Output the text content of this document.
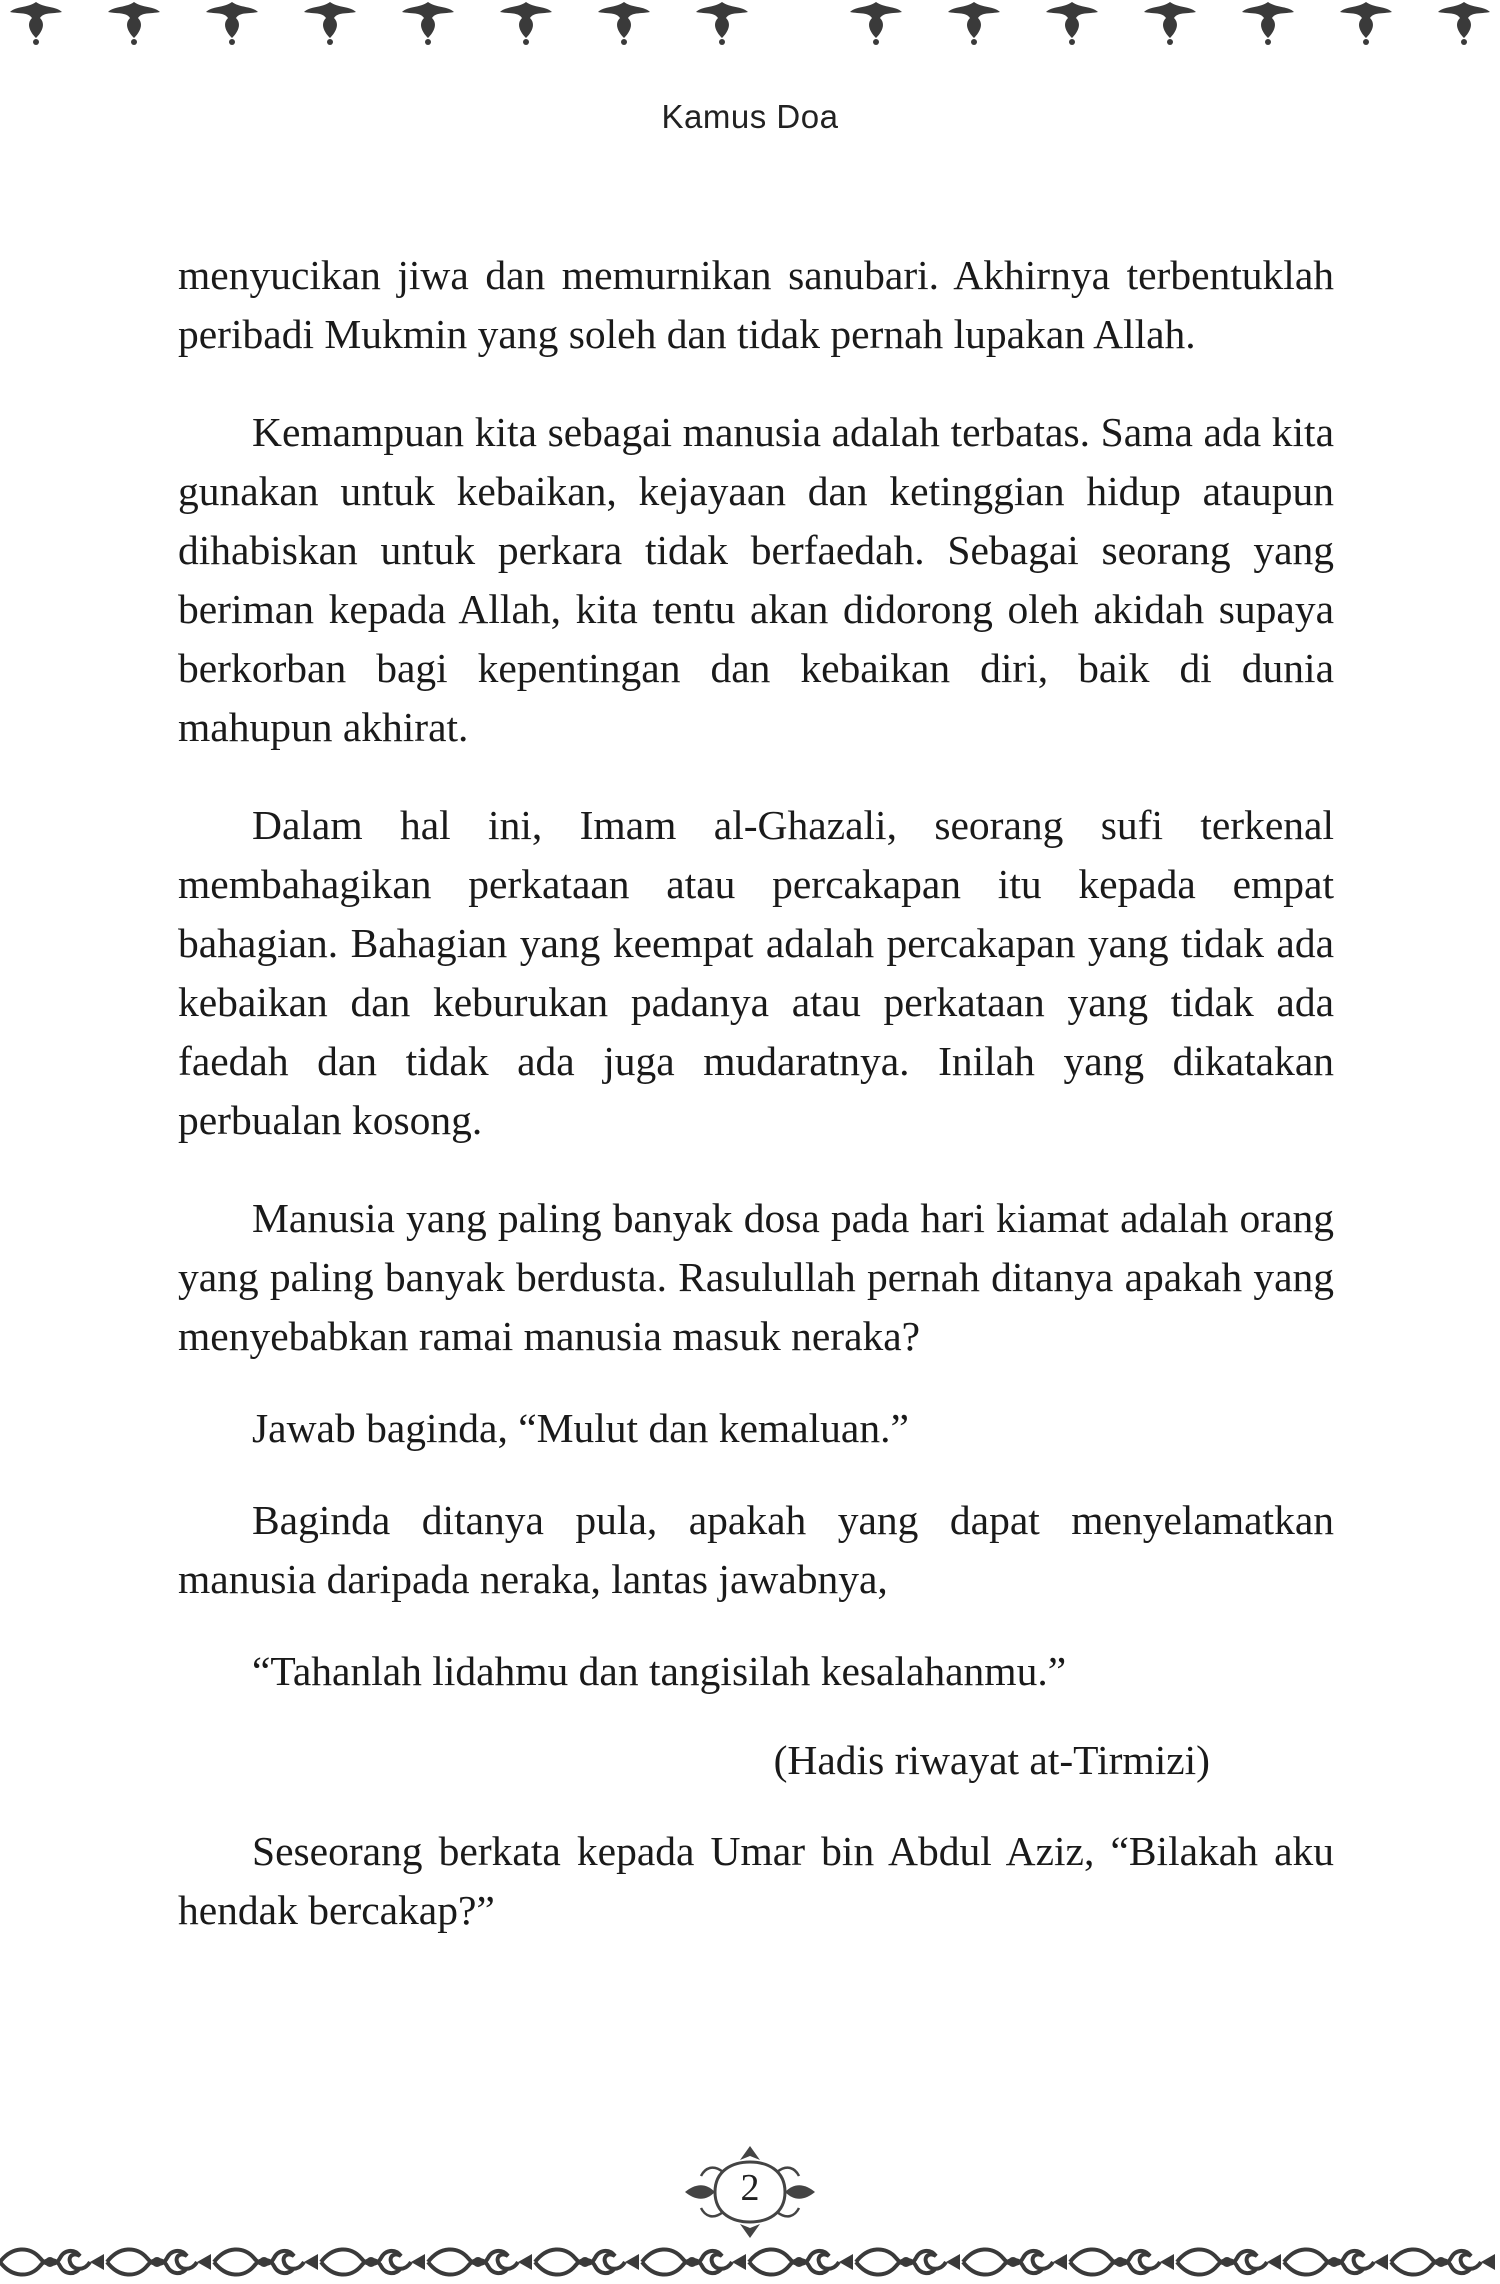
Kamus Doa

menyucikan jiwa dan memurnikan sanubari. Akhirnya terbentuklah peribadi Mukmin yang soleh dan tidak pernah lupakan Allah.

Kemampuan kita sebagai manusia adalah terbatas. Sama ada kita gunakan untuk kebaikan, kejayaan dan ketinggian hidup ataupun dihabiskan untuk perkara tidak berfaedah. Sebagai seorang yang beriman kepada Allah, kita tentu akan didorong oleh akidah supaya berkorban bagi kepentingan dan kebaikan diri, baik di dunia mahupun akhirat.

Dalam hal ini, Imam al-Ghazali, seorang sufi terkenal membahagikan perkataan atau percakapan itu kepada empat bahagian. Bahagian yang keempat adalah percakapan yang tidak ada kebaikan dan keburukan padanya atau perkataan yang tidak ada faedah dan tidak ada juga mudaratnya. Inilah yang dikatakan perbualan kosong.

Manusia yang paling banyak dosa pada hari kiamat adalah orang yang paling banyak berdusta. Rasulullah pernah ditanya apakah yang menyebabkan ramai manusia masuk neraka?

Jawab baginda, “Mulut dan kemaluan.”

Baginda ditanya pula, apakah yang dapat menyelamatkan manusia daripada neraka, lantas jawabnya,

“Tahanlah lidahmu dan tangisilah kesalahanmu.”

(Hadis riwayat at-Tirmizi)

Seseorang berkata kepada Umar bin Abdul Aziz, “Bilakah aku hendak bercakap?”

2
